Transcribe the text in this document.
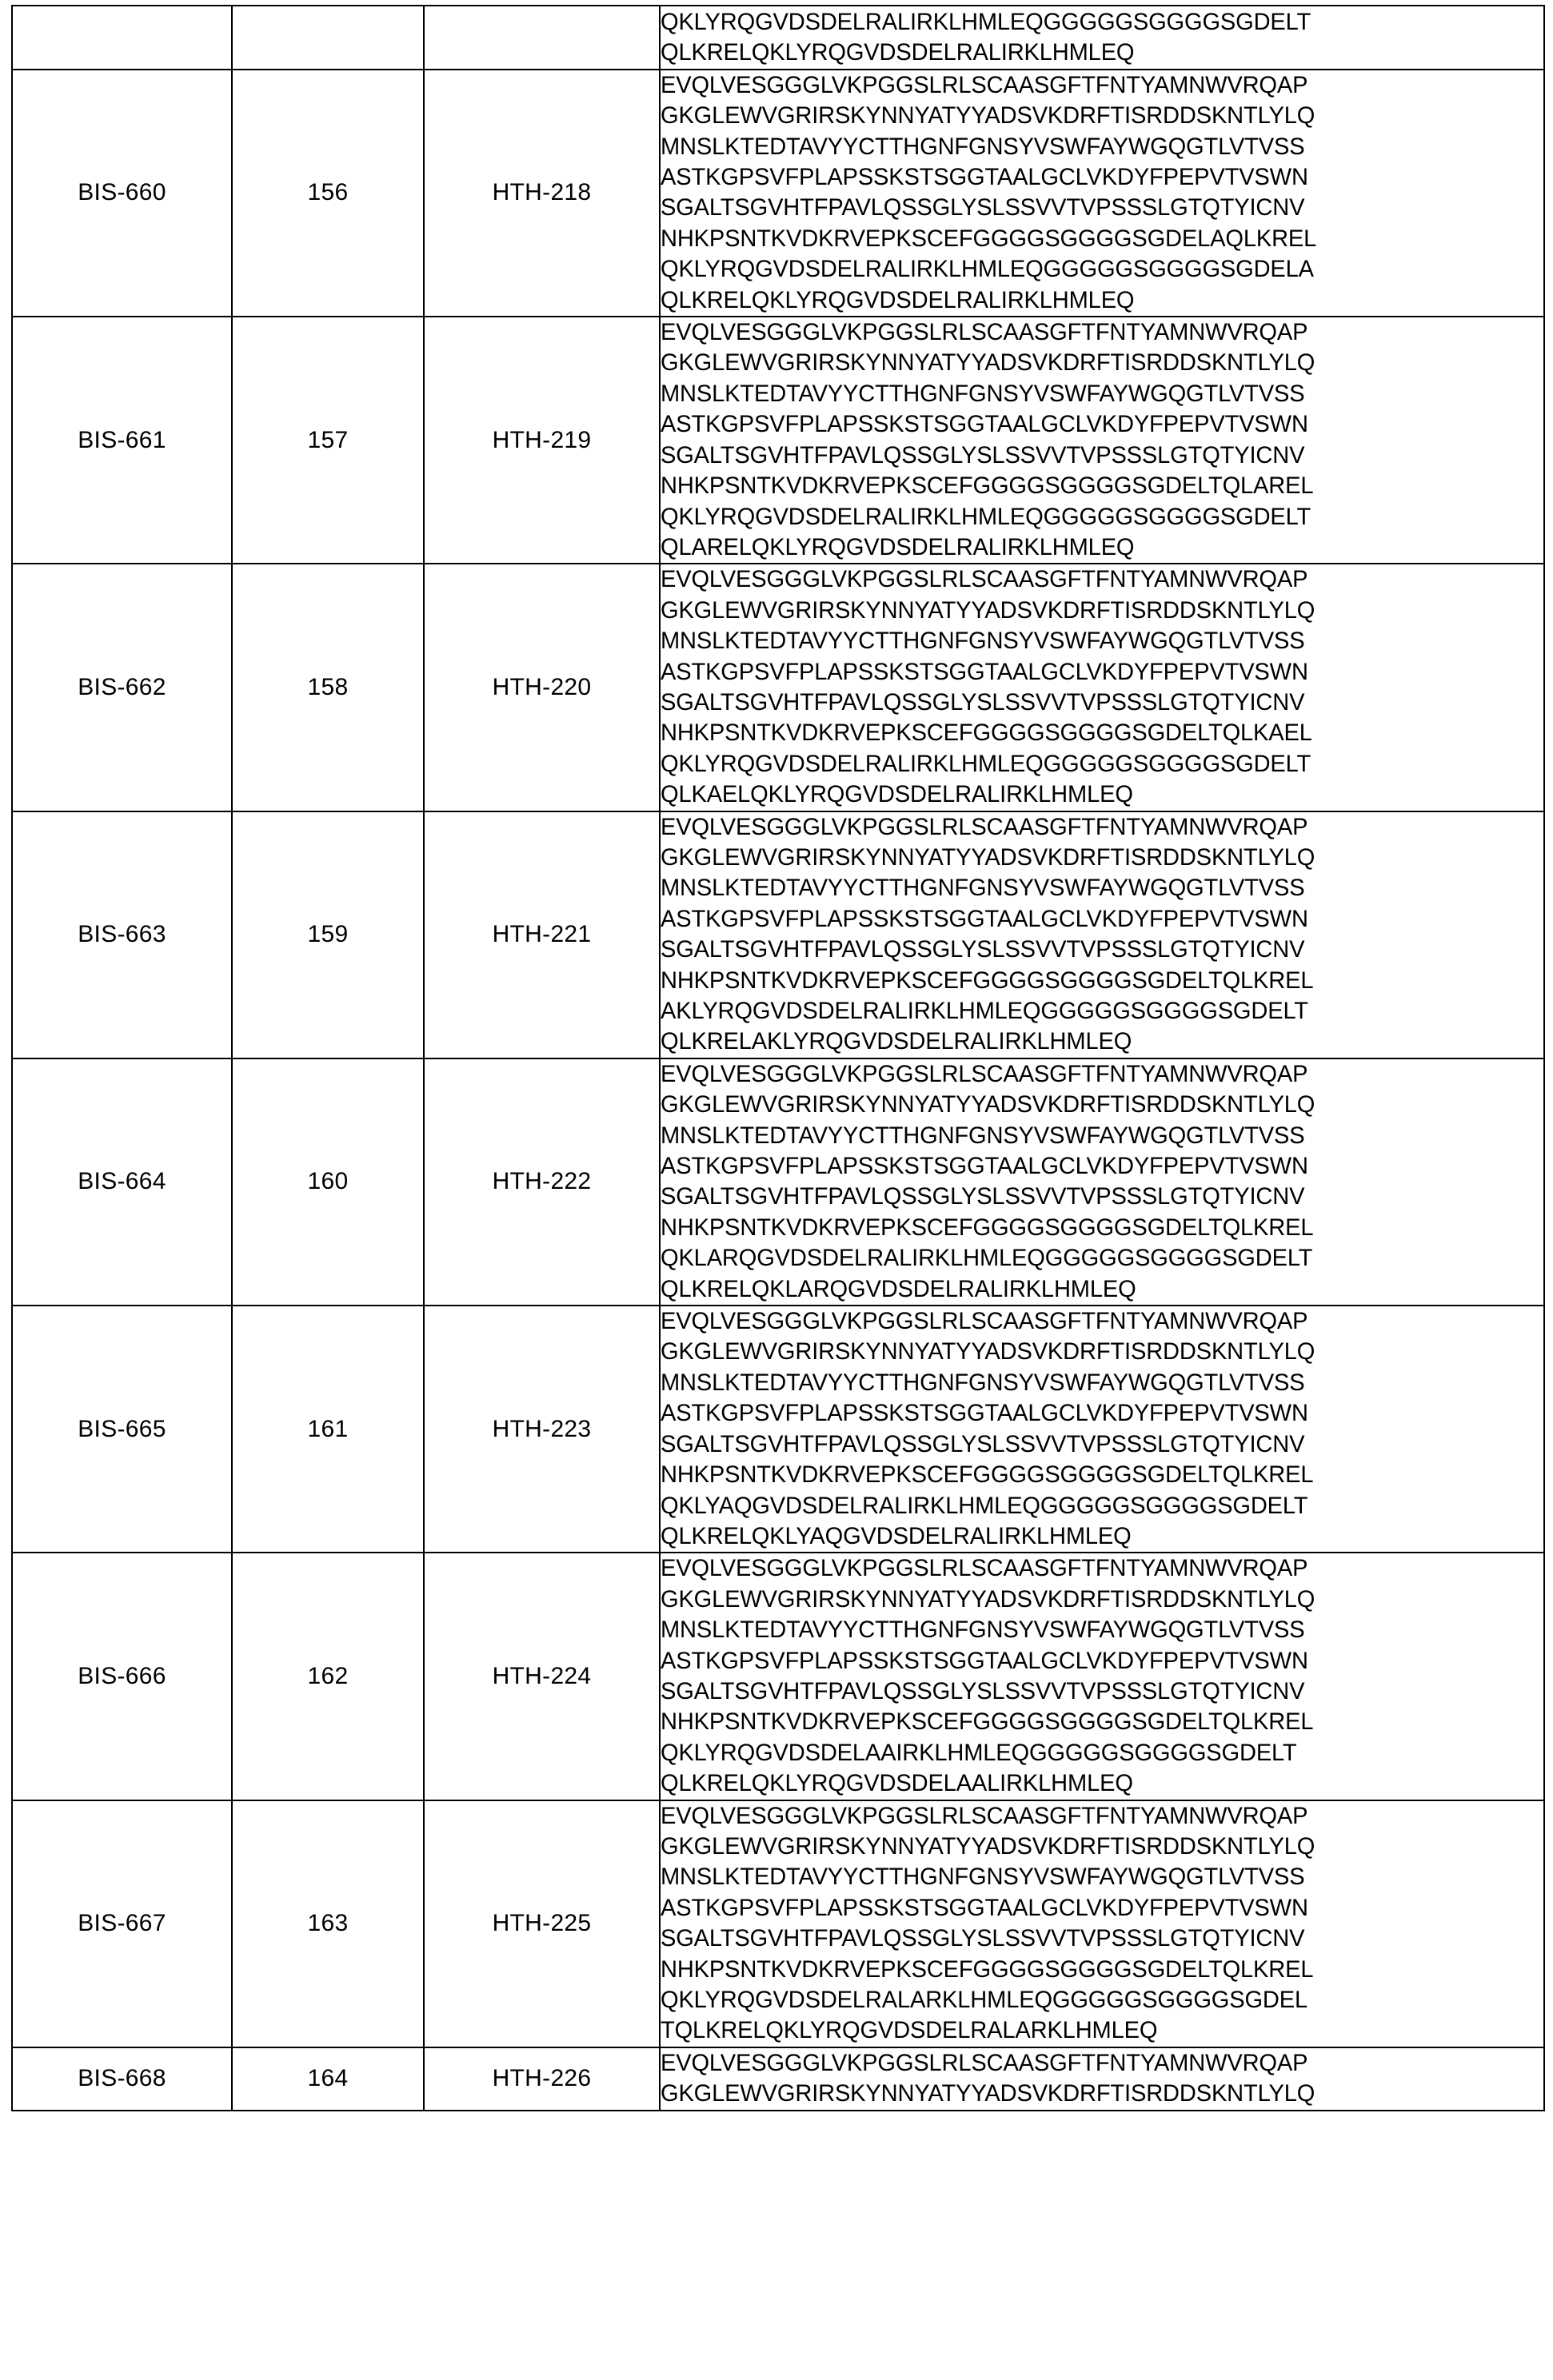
			QKLYRQGVDSDELRALIRKLHMLEQGGGGGSGGGGSGDELT
QLKRELQKLYRQGVDSDELRALIRKLHMLEQ

BIS-660	156	HTH-218	
EVQLVESGGGLVKPGGSLRLSCAASGFTFNTYAMNWVRQAP
GKGLEWVGRIRSKYNNYATYYADSVKDRFTISRDDSKNTLYLQ
MNSLKTEDTAVYYCTTHGNFGNSYVSWFAYWGQGTLVTVSS
ASTKGPSVFPLAPSSKSTSGGTAALGCLVKDYFPEPVTVSWN
SGALTSGVHTFPAVLQSSGLYSLSSVVTVPSSSLGTQTYICNV
NHKPSNTKVDKRVEPKSCEFGGGGSGGGGSGDELAQLKREL
QKLYRQGVDSDELRALIRKLHMLEQGGGGGSGGGGSGDELA
QLKRELQKLYRQGVDSDELRALIRKLHMLEQ

BIS-661	157	HTH-219	
EVQLVESGGGLVKPGGSLRLSCAASGFTFNTYAMNWVRQAP
GKGLEWVGRIRSKYNNYATYYADSVKDRFTISRDDSKNTLYLQ
MNSLKTEDTAVYYCTTHGNFGNSYVSWFAYWGQGTLVTVSS
ASTKGPSVFPLAPSSKSTSGGTAALGCLVKDYFPEPVTVSWN
SGALTSGVHTFPAVLQSSGLYSLSSVVTVPSSSLGTQTYICNV
NHKPSNTKVDKRVEPKSCEFGGGGSGGGGSGDELTQLAREL
QKLYRQGVDSDELRALIRKLHMLEQGGGGGSGGGGSGDELT
QLARELQKLYRQGVDSDELRALIRKLHMLEQ

BIS-662	158	HTH-220	
EVQLVESGGGLVKPGGSLRLSCAASGFTFNTYAMNWVRQAP
GKGLEWVGRIRSKYNNYATYYADSVKDRFTISRDDSKNTLYLQ
MNSLKTEDTAVYYCTTHGNFGNSYVSWFAYWGQGTLVTVSS
ASTKGPSVFPLAPSSKSTSGGTAALGCLVKDYFPEPVTVSWN
SGALTSGVHTFPAVLQSSGLYSLSSVVTVPSSSLGTQTYICNV
NHKPSNTKVDKRVEPKSCEFGGGGSGGGGSGDELTQLKAEL
QKLYRQGVDSDELRALIRKLHMLEQGGGGGSGGGGSGDELT
QLKAELQKLYRQGVDSDELRALIRKLHMLEQ

BIS-663	159	HTH-221	
EVQLVESGGGLVKPGGSLRLSCAASGFTFNTYAMNWVRQAP
GKGLEWVGRIRSKYNNYATYYADSVKDRFTISRDDSKNTLYLQ
MNSLKTEDTAVYYCTTHGNFGNSYVSWFAYWGQGTLVTVSS
ASTKGPSVFPLAPSSKSTSGGTAALGCLVKDYFPEPVTVSWN
SGALTSGVHTFPAVLQSSGLYSLSSVVTVPSSSLGTQTYICNV
NHKPSNTKVDKRVEPKSCEFGGGGSGGGGSGDELTQLKREL
AKLYRQGVDSDELRALIRKLHMLEQGGGGGSGGGGSGDELT
QLKRELAKLYRQGVDSDELRALIRKLHMLEQ

BIS-664	160	HTH-222	
EVQLVESGGGLVKPGGSLRLSCAASGFTFNTYAMNWVRQAP
GKGLEWVGRIRSKYNNYATYYADSVKDRFTISRDDSKNTLYLQ
MNSLKTEDTAVYYCTTHGNFGNSYVSWFAYWGQGTLVTVSS
ASTKGPSVFPLAPSSKSTSGGTAALGCLVKDYFPEPVTVSWN
SGALTSGVHTFPAVLQSSGLYSLSSVVTVPSSSLGTQTYICNV
NHKPSNTKVDKRVEPKSCEFGGGGSGGGGSGDELTQLKREL
QKLARQGVDSDELRALIRKLHMLEQGGGGGSGGGGSGDELT
QLKRELQKLARQGVDSDELRALIRKLHMLEQ

BIS-665	161	HTH-223	
EVQLVESGGGLVKPGGSLRLSCAASGFTFNTYAMNWVRQAP
GKGLEWVGRIRSKYNNYATYYADSVKDRFTISRDDSKNTLYLQ
MNSLKTEDTAVYYCTTHGNFGNSYVSWFAYWGQGTLVTVSS
ASTKGPSVFPLAPSSKSTSGGTAALGCLVKDYFPEPVTVSWN
SGALTSGVHTFPAVLQSSGLYSLSSVVTVPSSSLGTQTYICNV
NHKPSNTKVDKRVEPKSCEFGGGGSGGGGSGDELTQLKREL
QKLYAQGVDSDELRALIRKLHMLEQGGGGGSGGGGSGDELT
QLKRELQKLYAQGVDSDELRALIRKLHMLEQ

BIS-666	162	HTH-224	
EVQLVESGGGLVKPGGSLRLSCAASGFTFNTYAMNWVRQAP
GKGLEWVGRIRSKYNNYATYYADSVKDRFTISRDDSKNTLYLQ
MNSLKTEDTAVYYCTTHGNFGNSYVSWFAYWGQGTLVTVSS
ASTKGPSVFPLAPSSKSTSGGTAALGCLVKDYFPEPVTVSWN
SGALTSGVHTFPAVLQSSGLYSLSSVVTVPSSSLGTQTYICNV
NHKPSNTKVDKRVEPKSCEFGGGGSGGGGSGDELTQLKREL
QKLYRQGVDSDELAAIRKLHMLEQGGGGGSGGGGSGDELT
QLKRELQKLYRQGVDSDELAALIRKLHMLEQ

BIS-667	163	HTH-225	
EVQLVESGGGLVKPGGSLRLSCAASGFTFNTYAMNWVRQAP
GKGLEWVGRIRSKYNNYATYYADSVKDRFTISRDDSKNTLYLQ
MNSLKTEDTAVYYCTTHGNFGNSYVSWFAYWGQGTLVTVSS
ASTKGPSVFPLAPSSKSTSGGTAALGCLVKDYFPEPVTVSWN
SGALTSGVHTFPAVLQSSGLYSLSSVVTVPSSSLGTQTYICNV
NHKPSNTKVDKRVEPKSCEFGGGGSGGGGSGDELTQLKREL
QKLYRQGVDSDELRALARKLHMLEQGGGGGSGGGGSGDEL
TQLKRELQKLYRQGVDSDELRALARKLHMLEQ

BIS-668	164	HTH-226	EVQLVESGGGLVKPGGSLRLSCAASGFTFNTYAMNWVRQAP
GKGLEWVGRIRSKYNNYATYYADSVKDRFTISRDDSKNTLYLQ
